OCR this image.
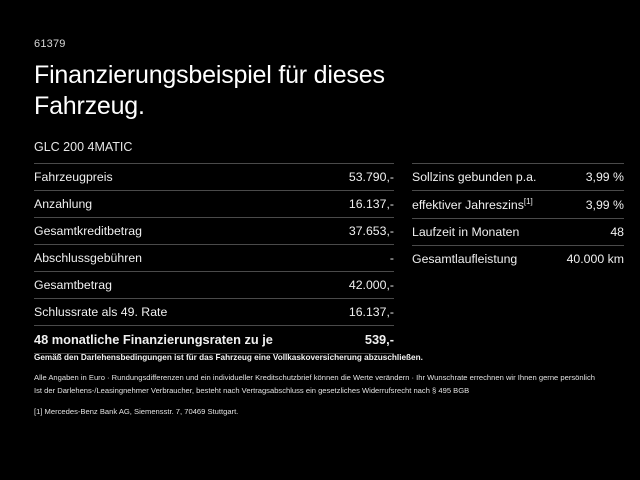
61379
Finanzierungsbeispiel für dieses Fahrzeug.
GLC 200 4MATIC
Fahrzeugpreis	53.790,-
Anzahlung	16.137,-
Gesamtkreditbetrag	37.653,-
Abschlussgebühren	-
Gesamtbetrag	42.000,-
Schlussrate als 49. Rate	16.137,-
48 monatliche Finanzierungsraten zu je	539,-
Sollzins gebunden p.a.	3,99 %
effektiver Jahreszins[1]	3,99 %
Laufzeit in Monaten	48
Gesamtlaufleistung	40.000 km
Gemäß den Darlehensbedingungen ist für das Fahrzeug eine Vollkaskoversicherung abzuschließen.
Alle Angaben in Euro · Rundungsdifferenzen und ein individueller Kreditschutzbrief können die Werte verändern · Ihr Wunschrate errechnen wir Ihnen gerne persönlich
Ist der Darlehens-/Leasingnehmer Verbraucher, besteht nach Vertragsabschluss ein gesetzliches Widerrufsrecht nach § 495 BGB
[1] Mercedes-Benz Bank AG, Siemensstr. 7, 70469 Stuttgart.
